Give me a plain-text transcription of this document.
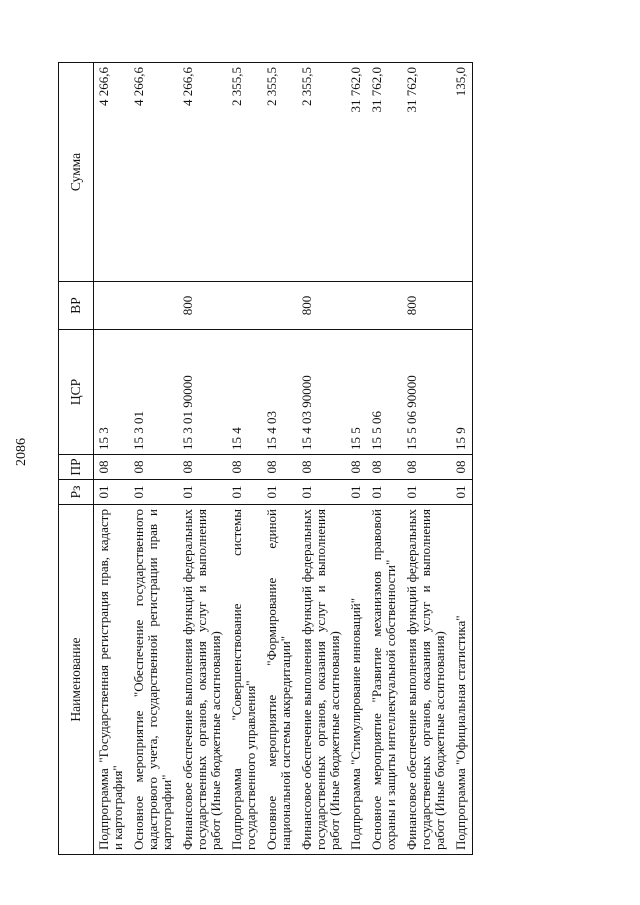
2086
Наименование	Рз	ПР	ЦСР	ВР	Сумма
Подпрограмма "Государственная регистрация прав, кадастр и картография"	01	08	15 3		4 266,6
Основное мероприятие "Обеспечение государственного кадастрового учета, государственной регистрации прав и картографии"	01	08	15 3 01		4 266,6
Финансовое обеспечение выполнения функций федеральных государственных органов, оказания услуг и выполнения работ (Иные бюджетные ассигнования)	01	08	15 3 01 90000	800	4 266,6
Подпрограмма "Совершенствование системы государственного управления"	01	08	15 4		2 355,5
Основное мероприятие "Формирование единой национальной системы аккредитации"	01	08	15 4 03		2 355,5
Финансовое обеспечение выполнения функций федеральных государственных органов, оказания услуг и выполнения работ (Иные бюджетные ассигнования)	01	08	15 4 03 90000	800	2 355,5
Подпрограмма "Стимулирование инноваций"	01	08	15 5		31 762,0
Основное мероприятие "Развитие механизмов правовой охраны и защиты интеллектуальной собственности"	01	08	15 5 06		31 762,0
Финансовое обеспечение выполнения функций федеральных государственных органов, оказания услуг и выполнения работ (Иные бюджетные ассигнования)	01	08	15 5 06 90000	800	31 762,0
Подпрограмма "Официальная статистика"	01	08	15 9		135,0
